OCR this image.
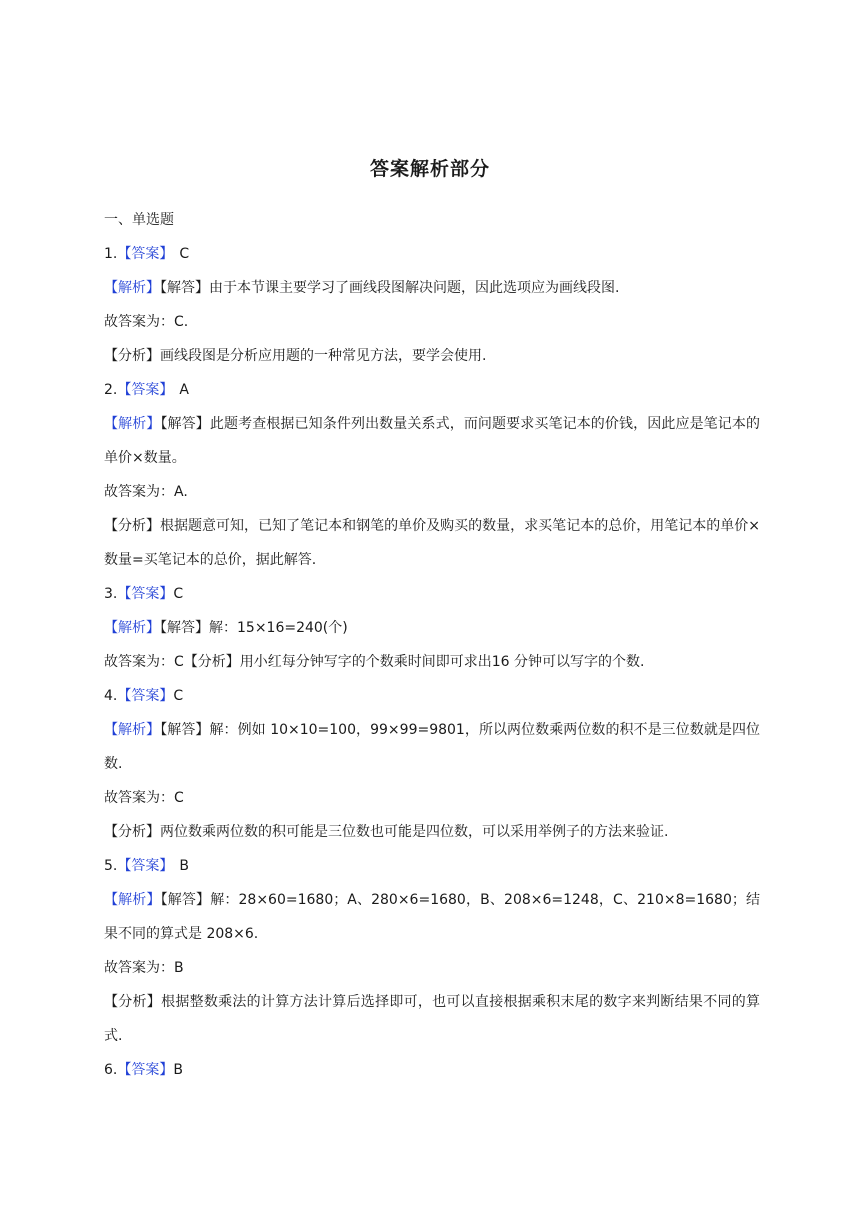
答案解析部分
一、单选题
1.【答案】 C
【解析】【解答】由于本节课主要学习了画线段图解决问题，因此选项应为画线段图.
故答案为：C.
【分析】画线段图是分析应用题的一种常见方法，要学会使用.
2.【答案】 A
【解析】【解答】此题考查根据已知条件列出数量关系式，而问题要求买笔记本的价钱，因此应是笔记本的单价×数量。
故答案为：A.
【分析】根据题意可知，已知了笔记本和钢笔的单价及购买的数量，求买笔记本的总价，用笔记本的单价×数量=买笔记本的总价，据此解答.
3.【答案】C
【解析】【解答】解：15×16=240(个)
故答案为：C【分析】用小红每分钟写字的个数乘时间即可求出16 分钟可以写字的个数.
4.【答案】C
【解析】【解答】解：例如 10×10=100，99×99=9801，所以两位数乘两位数的积不是三位数就是四位数.
故答案为：C
【分析】两位数乘两位数的积可能是三位数也可能是四位数，可以采用举例子的方法来验证.
5.【答案】 B
【解析】【解答】解：28×60=1680；A、280×6=1680，B、208×6=1248，C、210×8=1680；结果不同的算式是 208×6.
故答案为：B
【分析】根据整数乘法的计算方法计算后选择即可，也可以直接根据乘积末尾的数字来判断结果不同的算式.
6.【答案】B
